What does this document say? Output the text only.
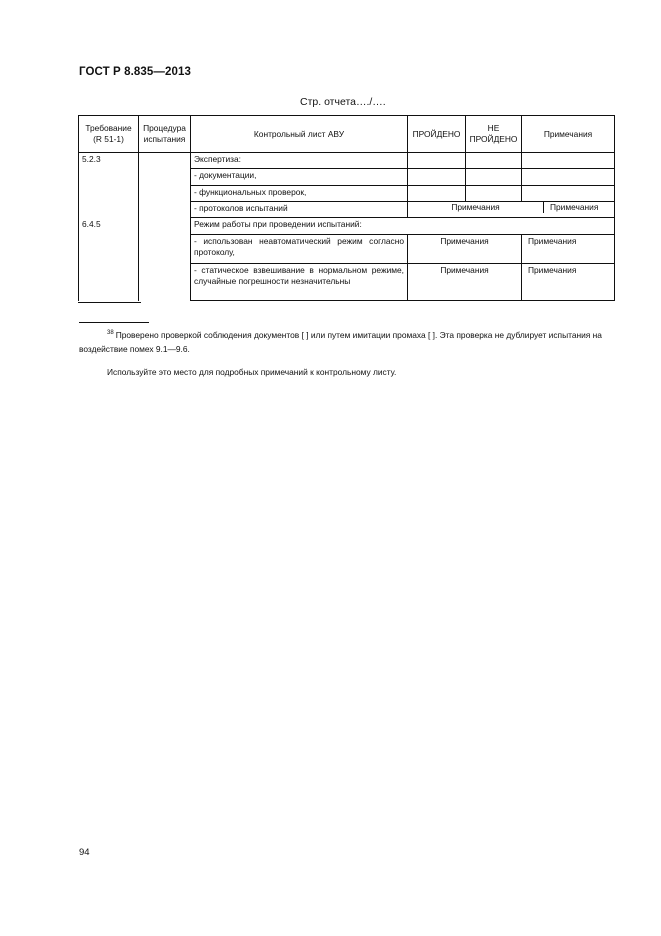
ГОСТ Р 8.835—2013
Стр. отчета…./….
Требование (R 51-1)	Процедура испытания	Контрольный лист АВУ	ПРОЙДЕНО	НЕ ПРОЙДЕНО	Примечания
5.2.3		Экспертиза:			
		- документации,			
		- функциональных проверок,			
		- протоколов испытаний	Примечания Примечания		

6.4.5		Режим работы при проведении испытаний:			
		- использован неавтоматический режим согласно протоколу,	Примечания		Примечания
		- статическое взвешивание в нормальном режиме, случайные погрешности незначительны	Примечания		Примечания
$^{38}$ Проверено проверкой соблюдения документов [ ] или путем имитации промаха [ ]. Эта проверка не дублирует испытания на воздействие помех 9.1—9.6.
Используйте это место для подробных примечаний к контрольному листу.
94
